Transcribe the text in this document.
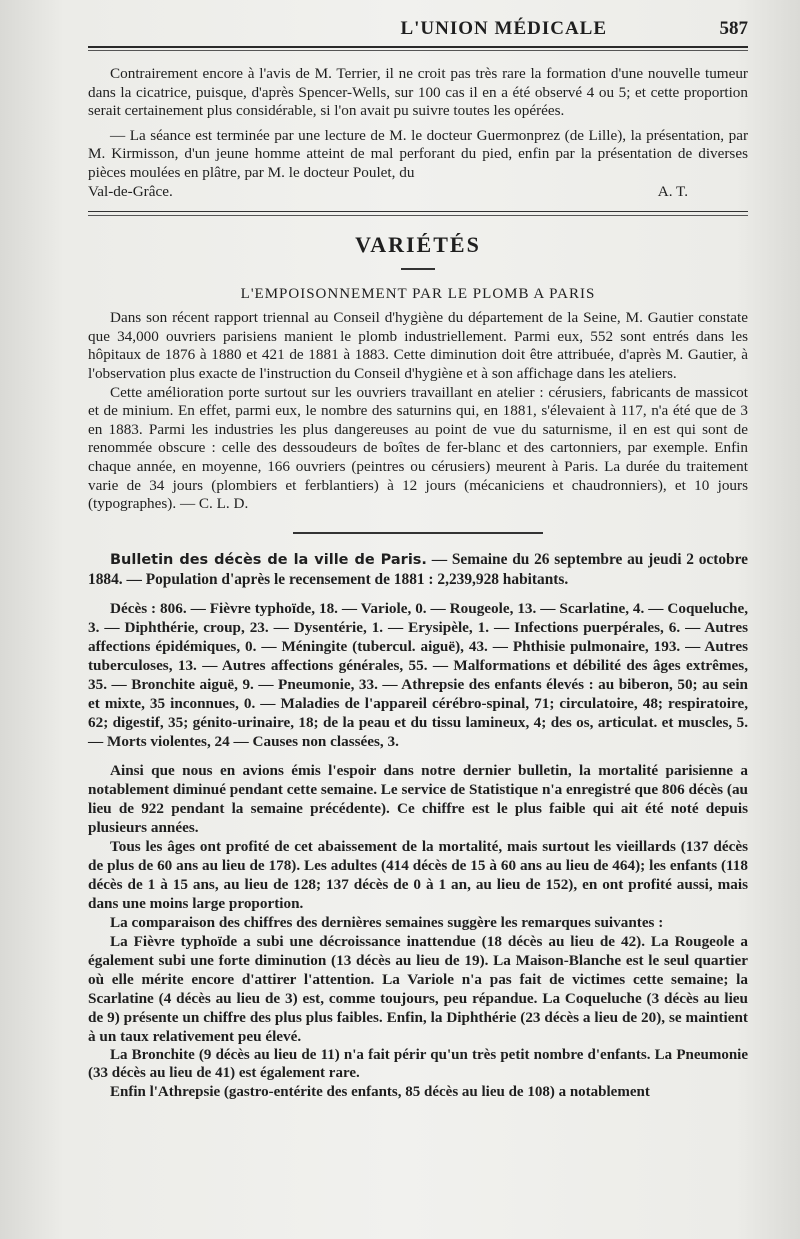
L'UNION MÉDICALE	587

Contrairement encore à l'avis de M. Terrier, il ne croit pas très rare la formation d'une nouvelle tumeur dans la cicatrice, puisque, d'après Spencer-Wells, sur 100 cas il en a été observé 4 ou 5; et cette proportion serait certainement plus considérable, si l'on avait pu suivre toutes les opérées.

— La séance est terminée par une lecture de M. le docteur Guermonprez (de Lille), la présentation, par M. Kirmisson, d'un jeune homme atteint de mal perforant du pied, enfin par la présentation de diverses pièces moulées en plâtre, par M. le docteur Poulet, du

Val-de-Grâce.	A. T.

VARIÉTÉS
L'EMPOISONNEMENT PAR LE PLOMB A PARIS

Dans son récent rapport triennal au Conseil d'hygiène du département de la Seine, M. Gautier constate que 34,000 ouvriers parisiens manient le plomb industriellement. Parmi eux, 552 sont entrés dans les hôpitaux de 1876 à 1880 et 421 de 1881 à 1883. Cette diminution doit être attribuée, d'après M. Gautier, à l'observation plus exacte de l'instruction du Conseil d'hygiène et à son affichage dans les ateliers.

Cette amélioration porte surtout sur les ouvriers travaillant en atelier : cérusiers, fabricants de massicot et de minium. En effet, parmi eux, le nombre des saturnins qui, en 1881, s'élevaient à 117, n'a été que de 3 en 1883. Parmi les industries les plus dangereuses au point de vue du saturnisme, il en est qui sont de renommée obscure : celle des dessoudeurs de boîtes de fer-blanc et des cartonniers, par exemple. Enfin chaque année, en moyenne, 166 ouvriers (peintres ou cérusiers) meurent à Paris. La durée du traitement varie de 34 jours (plombiers et ferblantiers) à 12 jours (mécaniciens et chaudronniers), et 10 jours (typographes). — C. L. D.

Bulletin des décès de la ville de Paris. — Semaine du 26 septembre au jeudi 2 octobre 1884. — Population d'après le recensement de 1881 : 2,239,928 habitants.

Décès : 806. — Fièvre typhoïde, 18. — Variole, 0. — Rougeole, 13. — Scarlatine, 4. — Coqueluche, 3. — Diphthérie, croup, 23. — Dysentérie, 1. — Erysipèle, 1. — Infections puerpérales, 6. — Autres affections épidémiques, 0. — Méningite (tubercul. aiguë), 43. — Phthisie pulmonaire, 193. — Autres tuberculoses, 13. — Autres affections générales, 55. — Malformations et débilité des âges extrêmes, 35. — Bronchite aiguë, 9. — Pneumonie, 33. — Athrepsie des enfants élevés : au biberon, 50; au sein et mixte, 35 inconnues, 0. — Maladies de l'appareil cérébro-spinal, 71; circulatoire, 48; respiratoire, 62; digestif, 35; génito-urinaire, 18; de la peau et du tissu lamineux, 4; des os, articulat. et muscles, 5. — Morts violentes, 24 — Causes non classées, 3.

Ainsi que nous en avions émis l'espoir dans notre dernier bulletin, la mortalité parisienne a notablement diminué pendant cette semaine. Le service de Statistique n'a enregistré que 806 décès (au lieu de 922 pendant la semaine précédente). Ce chiffre est le plus faible qui ait été noté depuis plusieurs années.

Tous les âges ont profité de cet abaissement de la mortalité, mais surtout les vieillards (137 décès de plus de 60 ans au lieu de 178). Les adultes (414 décès de 15 à 60 ans au lieu de 464); les enfants (118 décès de 1 à 15 ans, au lieu de 128; 137 décès de 0 à 1 an, au lieu de 152), en ont profité aussi, mais dans une moins large proportion.

La comparaison des chiffres des dernières semaines suggère les remarques suivantes :

La Fièvre typhoïde a subi une décroissance inattendue (18 décès au lieu de 42). La Rougeole a également subi une forte diminution (13 décès au lieu de 19). La Maison-Blanche est le seul quartier où elle mérite encore d'attirer l'attention. La Variole n'a pas fait de victimes cette semaine; la Scarlatine (4 décès au lieu de 3) est, comme toujours, peu répandue. La Coqueluche (3 décès au lieu de 9) présente un chiffre des plus plus faibles. Enfin, la Diphthérie (23 décès a lieu de 20), se maintient à un taux relativement peu élevé.

La Bronchite (9 décès au lieu de 11) n'a fait périr qu'un très petit nombre d'enfants. La Pneumonie (33 décès au lieu de 41) est également rare.

Enfin l'Athrepsie (gastro-entérite des enfants, 85 décès au lieu de 108) a notablement
